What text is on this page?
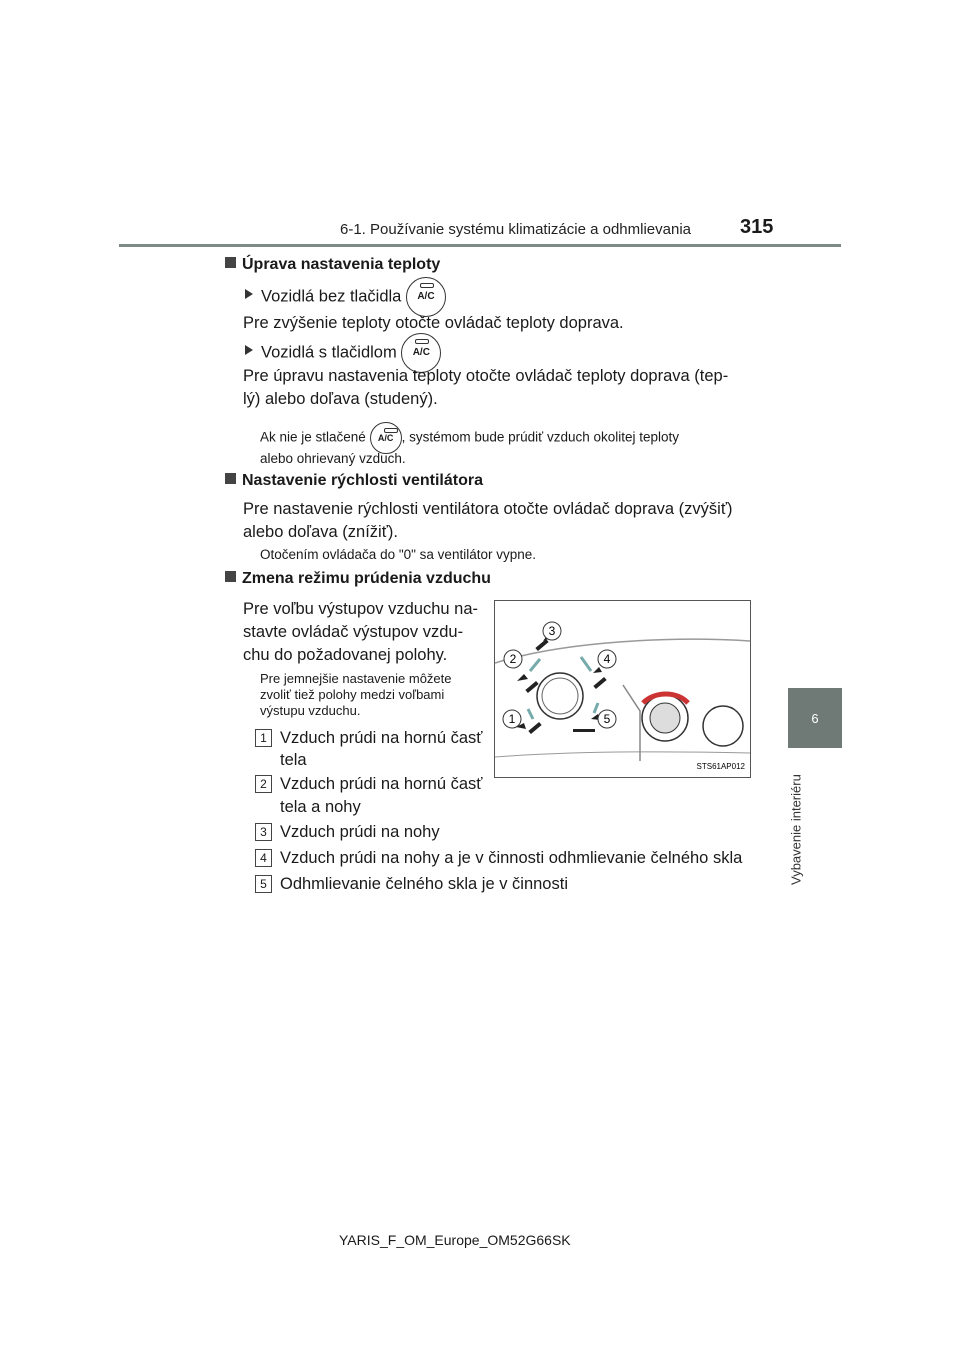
6-1. Používanie systému klimatizácie a odhmlievania 315
6
Vybavenie interiéru
Úprava nastavenia teploty
Vozidlá bez tlačidla A/C
Pre zvýšenie teploty otočte ovládač teploty doprava.
Vozidlá s tlačidlom A/C
Pre úpravu nastavenia teploty otočte ovládač teploty doprava (tep-
lý) alebo doľava (studený).
Ak nie je stlačené A/C , systémom bude prúdiť vzduch okolitej teploty
alebo ohrievaný vzduch.
Nastavenie rýchlosti ventilátora
Pre nastavenie rýchlosti ventilátora otočte ovládač doprava (zvýšiť)
alebo doľava (znížiť).
Otočením ovládača do "0" sa ventilátor vypne.
Zmena režimu prúdenia vzduchu
Pre voľbu výstupov vzduchu na-
stavte ovládač výstupov vzdu-
chu do požadovanej polohy.
Pre jemnejšie nastavenie môžete
zvoliť tiež polohy medzi voľbami
výstupu vzduchu.
1 Vzduch prúdi na hornú časť
tela
2 Vzduch prúdi na hornú časť
tela a nohy
3 Vzduch prúdi na nohy
4 Vzduch prúdi na nohy a je v činnosti odhmlievanie čelného skla
5 Odhmlievanie čelného skla je v činnosti
3
2	4
1	5
STS61AP012
YARIS_F_OM_Europe_OM52G66SK
